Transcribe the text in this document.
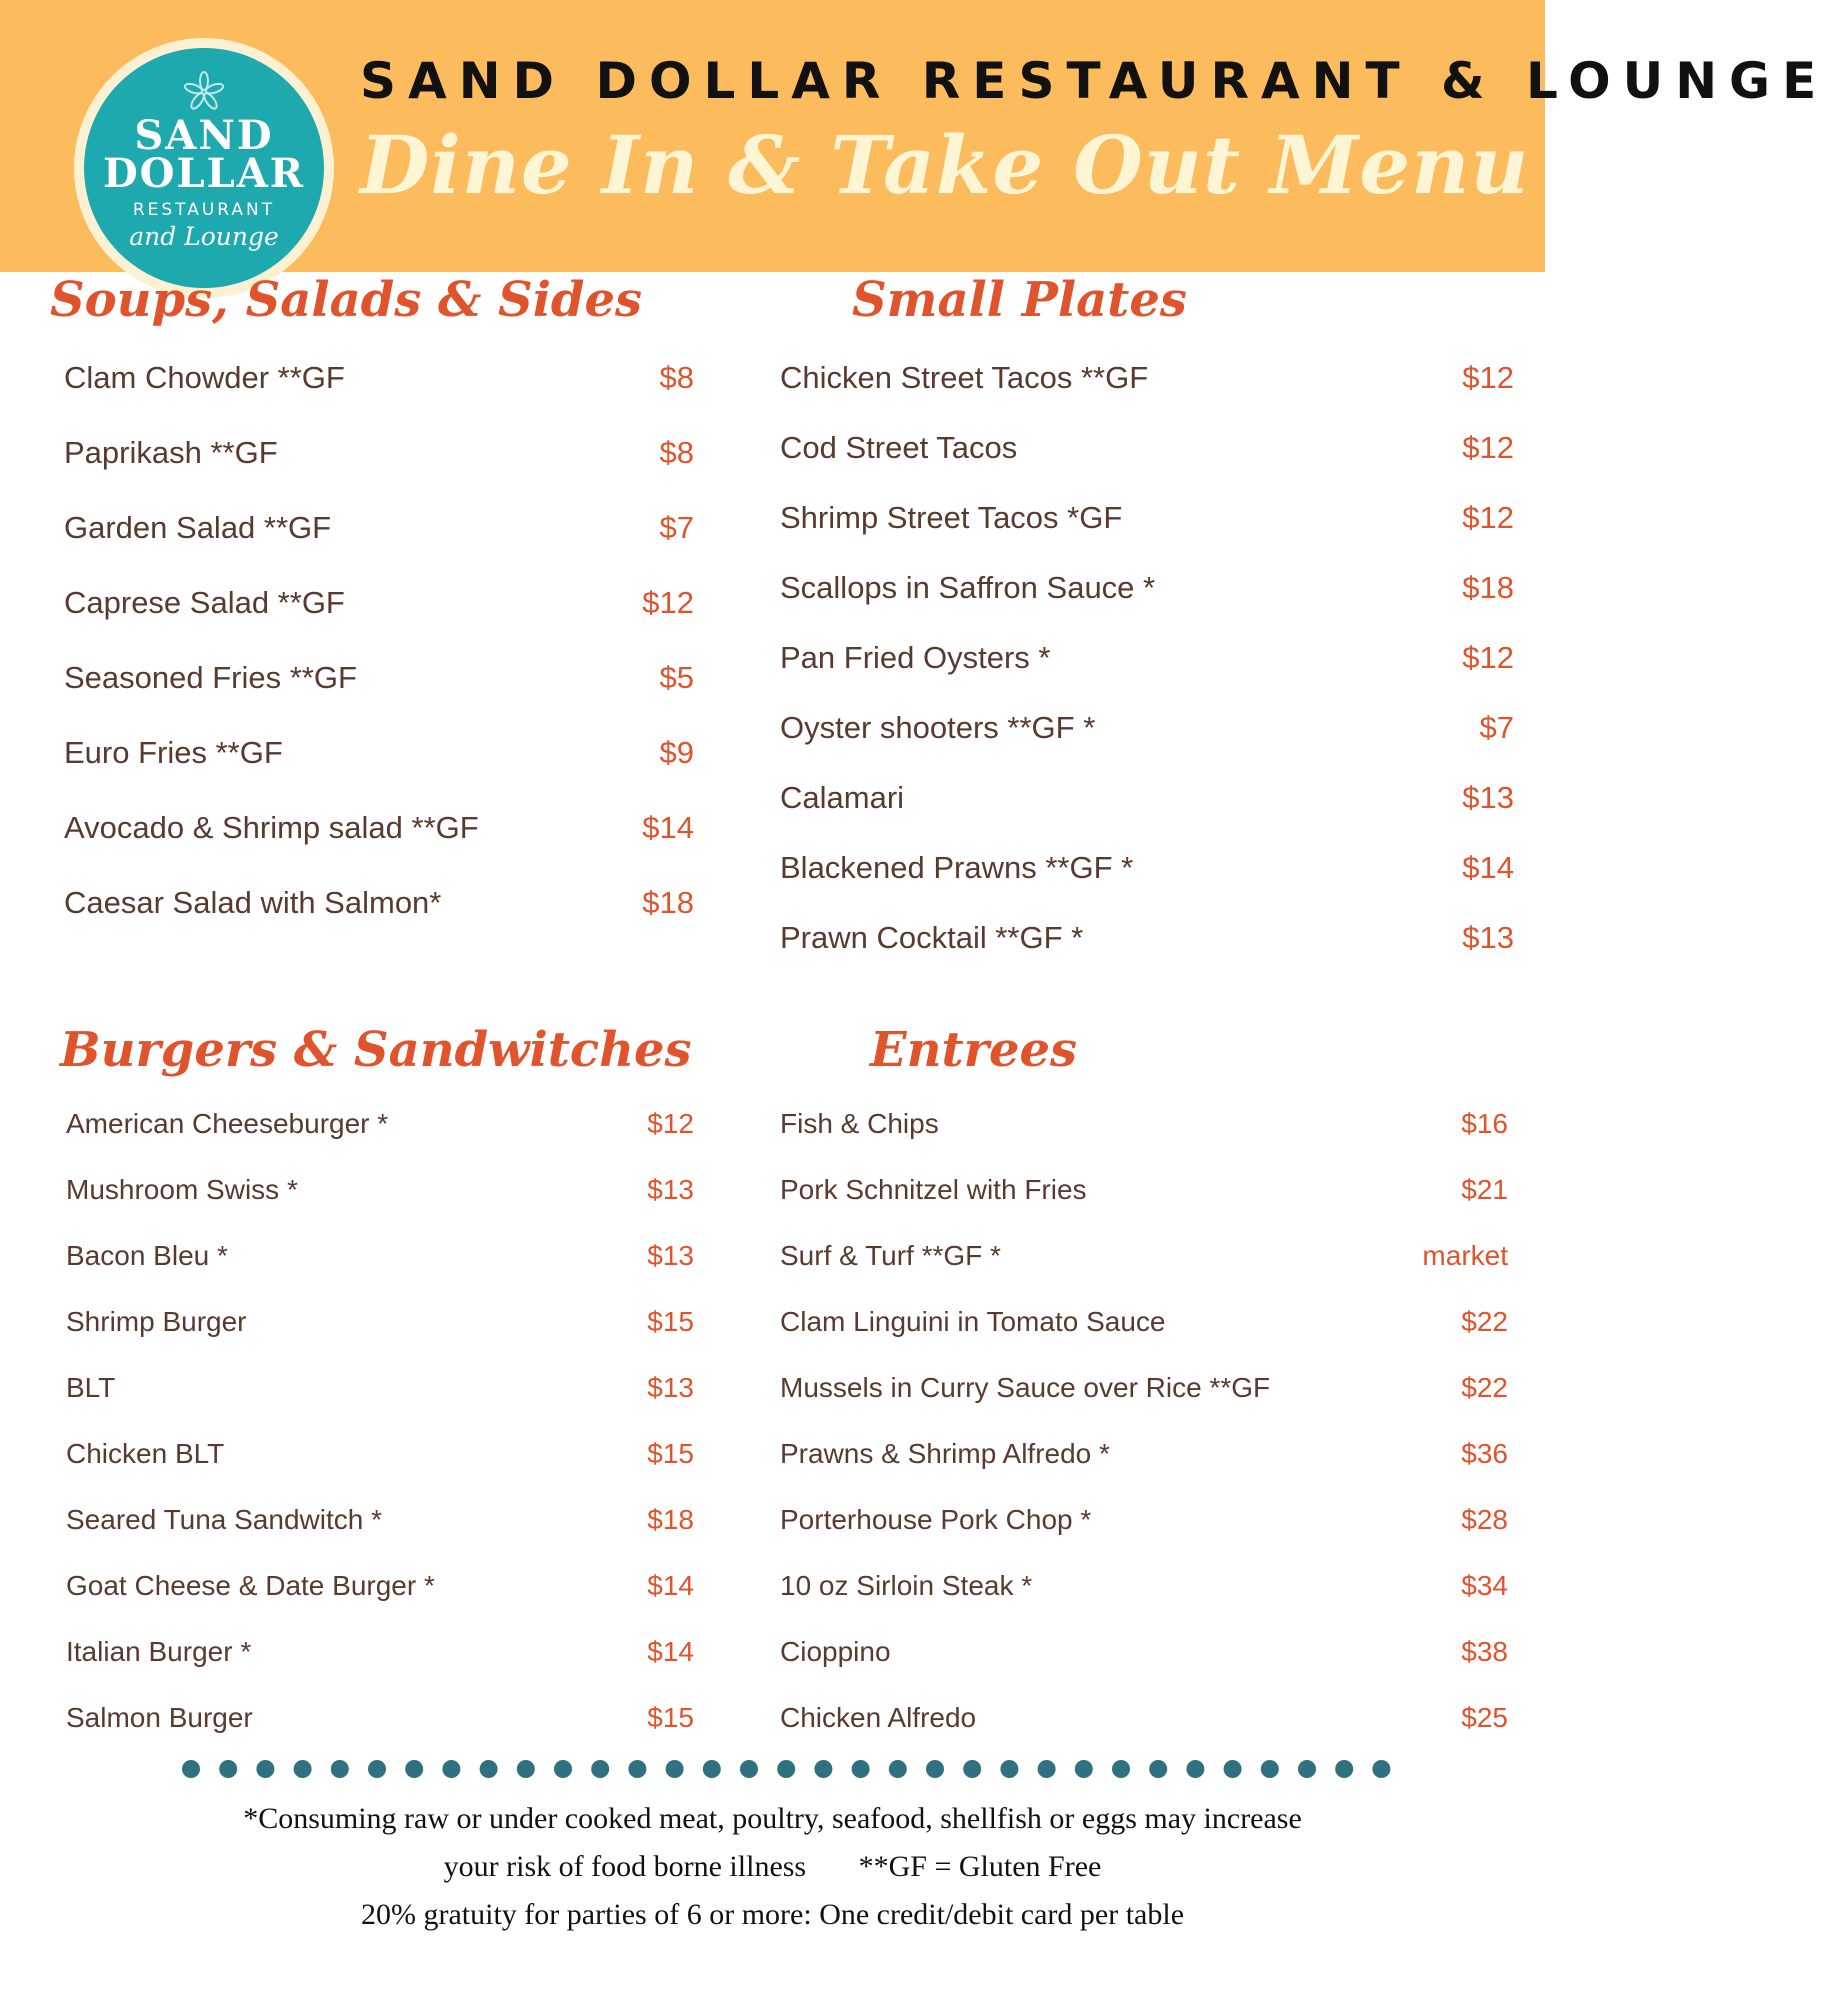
SAND
DOLLAR
RESTAURANT
and Lounge
SAND DOLLAR RESTAURANT & LOUNGE
Dine In & Take Out Menu
Soups, Salads & Sides	Small Plates
Burgers & Sandwitches	Entrees
Clam Chowder **GF	$8
Paprikash **GF	$8
Garden Salad **GF	$7
Caprese Salad **GF	$12
Seasoned Fries **GF	$5
Euro Fries **GF	$9
Avocado & Shrimp salad **GF	$14
Caesar Salad with Salmon*	$18
Chicken Street Tacos **GF	$12
Cod Street Tacos	$12
Shrimp Street Tacos *GF	$12
Scallops in Saffron Sauce *	$18
Pan Fried Oysters *	$12
Oyster shooters **GF *	$7
Calamari	$13
Blackened Prawns **GF *	$14
Prawn Cocktail **GF *	$13
American Cheeseburger *	$12
Mushroom Swiss *	$13
Bacon Bleu *	$13
Shrimp Burger	$15
BLT	$13
Chicken BLT	$15
Seared Tuna Sandwitch *	$18
Goat Cheese & Date Burger *	$14
Italian Burger *	$14
Salmon Burger	$15
Fish & Chips	$16
Pork Schnitzel with Fries	$21
Surf & Turf **GF *	market
Clam Linguini in Tomato Sauce	$22
Mussels in Curry Sauce over Rice **GF	$22
Prawns & Shrimp Alfredo *	$36
Porterhouse Pork Chop *	$28
10 oz Sirloin Steak *	$34
Cioppino	$38
Chicken Alfredo	$25
*Consuming raw or under cooked meat, poultry, seafood, shellfish or eggs may increase
your risk of food borne illness       **GF = Gluten Free
20% gratuity for parties of 6 or more: One credit/debit card per table
